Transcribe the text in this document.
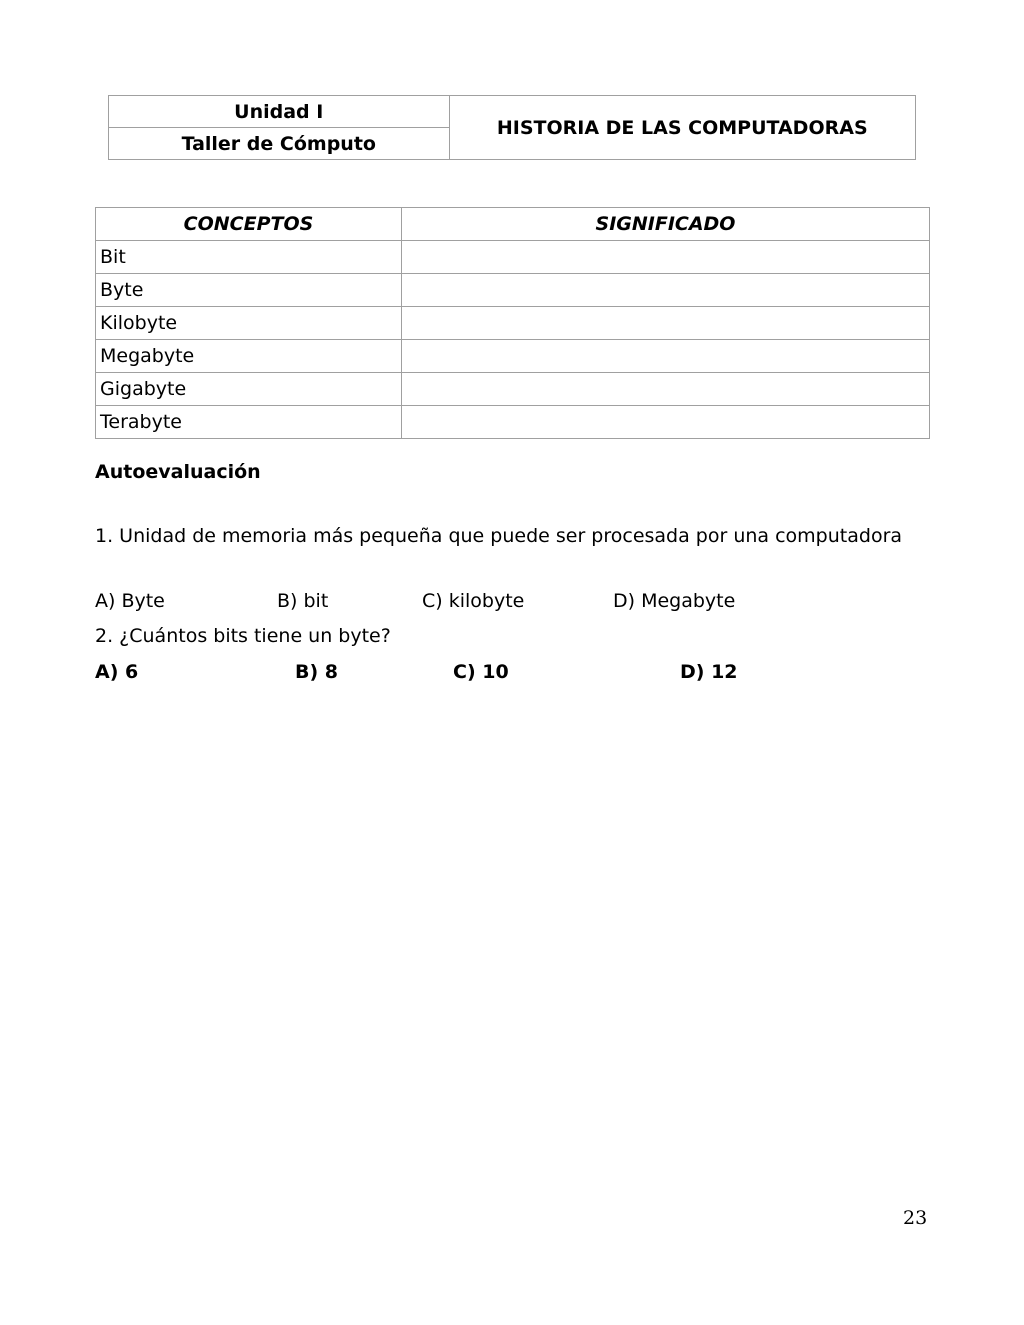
Unidad I	HISTORIA DE LAS COMPUTADORAS
Taller de Cómputo
CONCEPTOS	SIGNIFICADO
Bit	
Byte	
Kilobyte	
Megabyte	
Gigabyte	
Terabyte	
Autoevaluación
1. Unidad de memoria más pequeña que puede ser procesada por una computadora
A) Byte	B) bit	C) kilobyte	D) Megabyte
2. ¿Cuántos bits tiene un byte?
A) 6	B) 8	C) 10	D) 12
23
